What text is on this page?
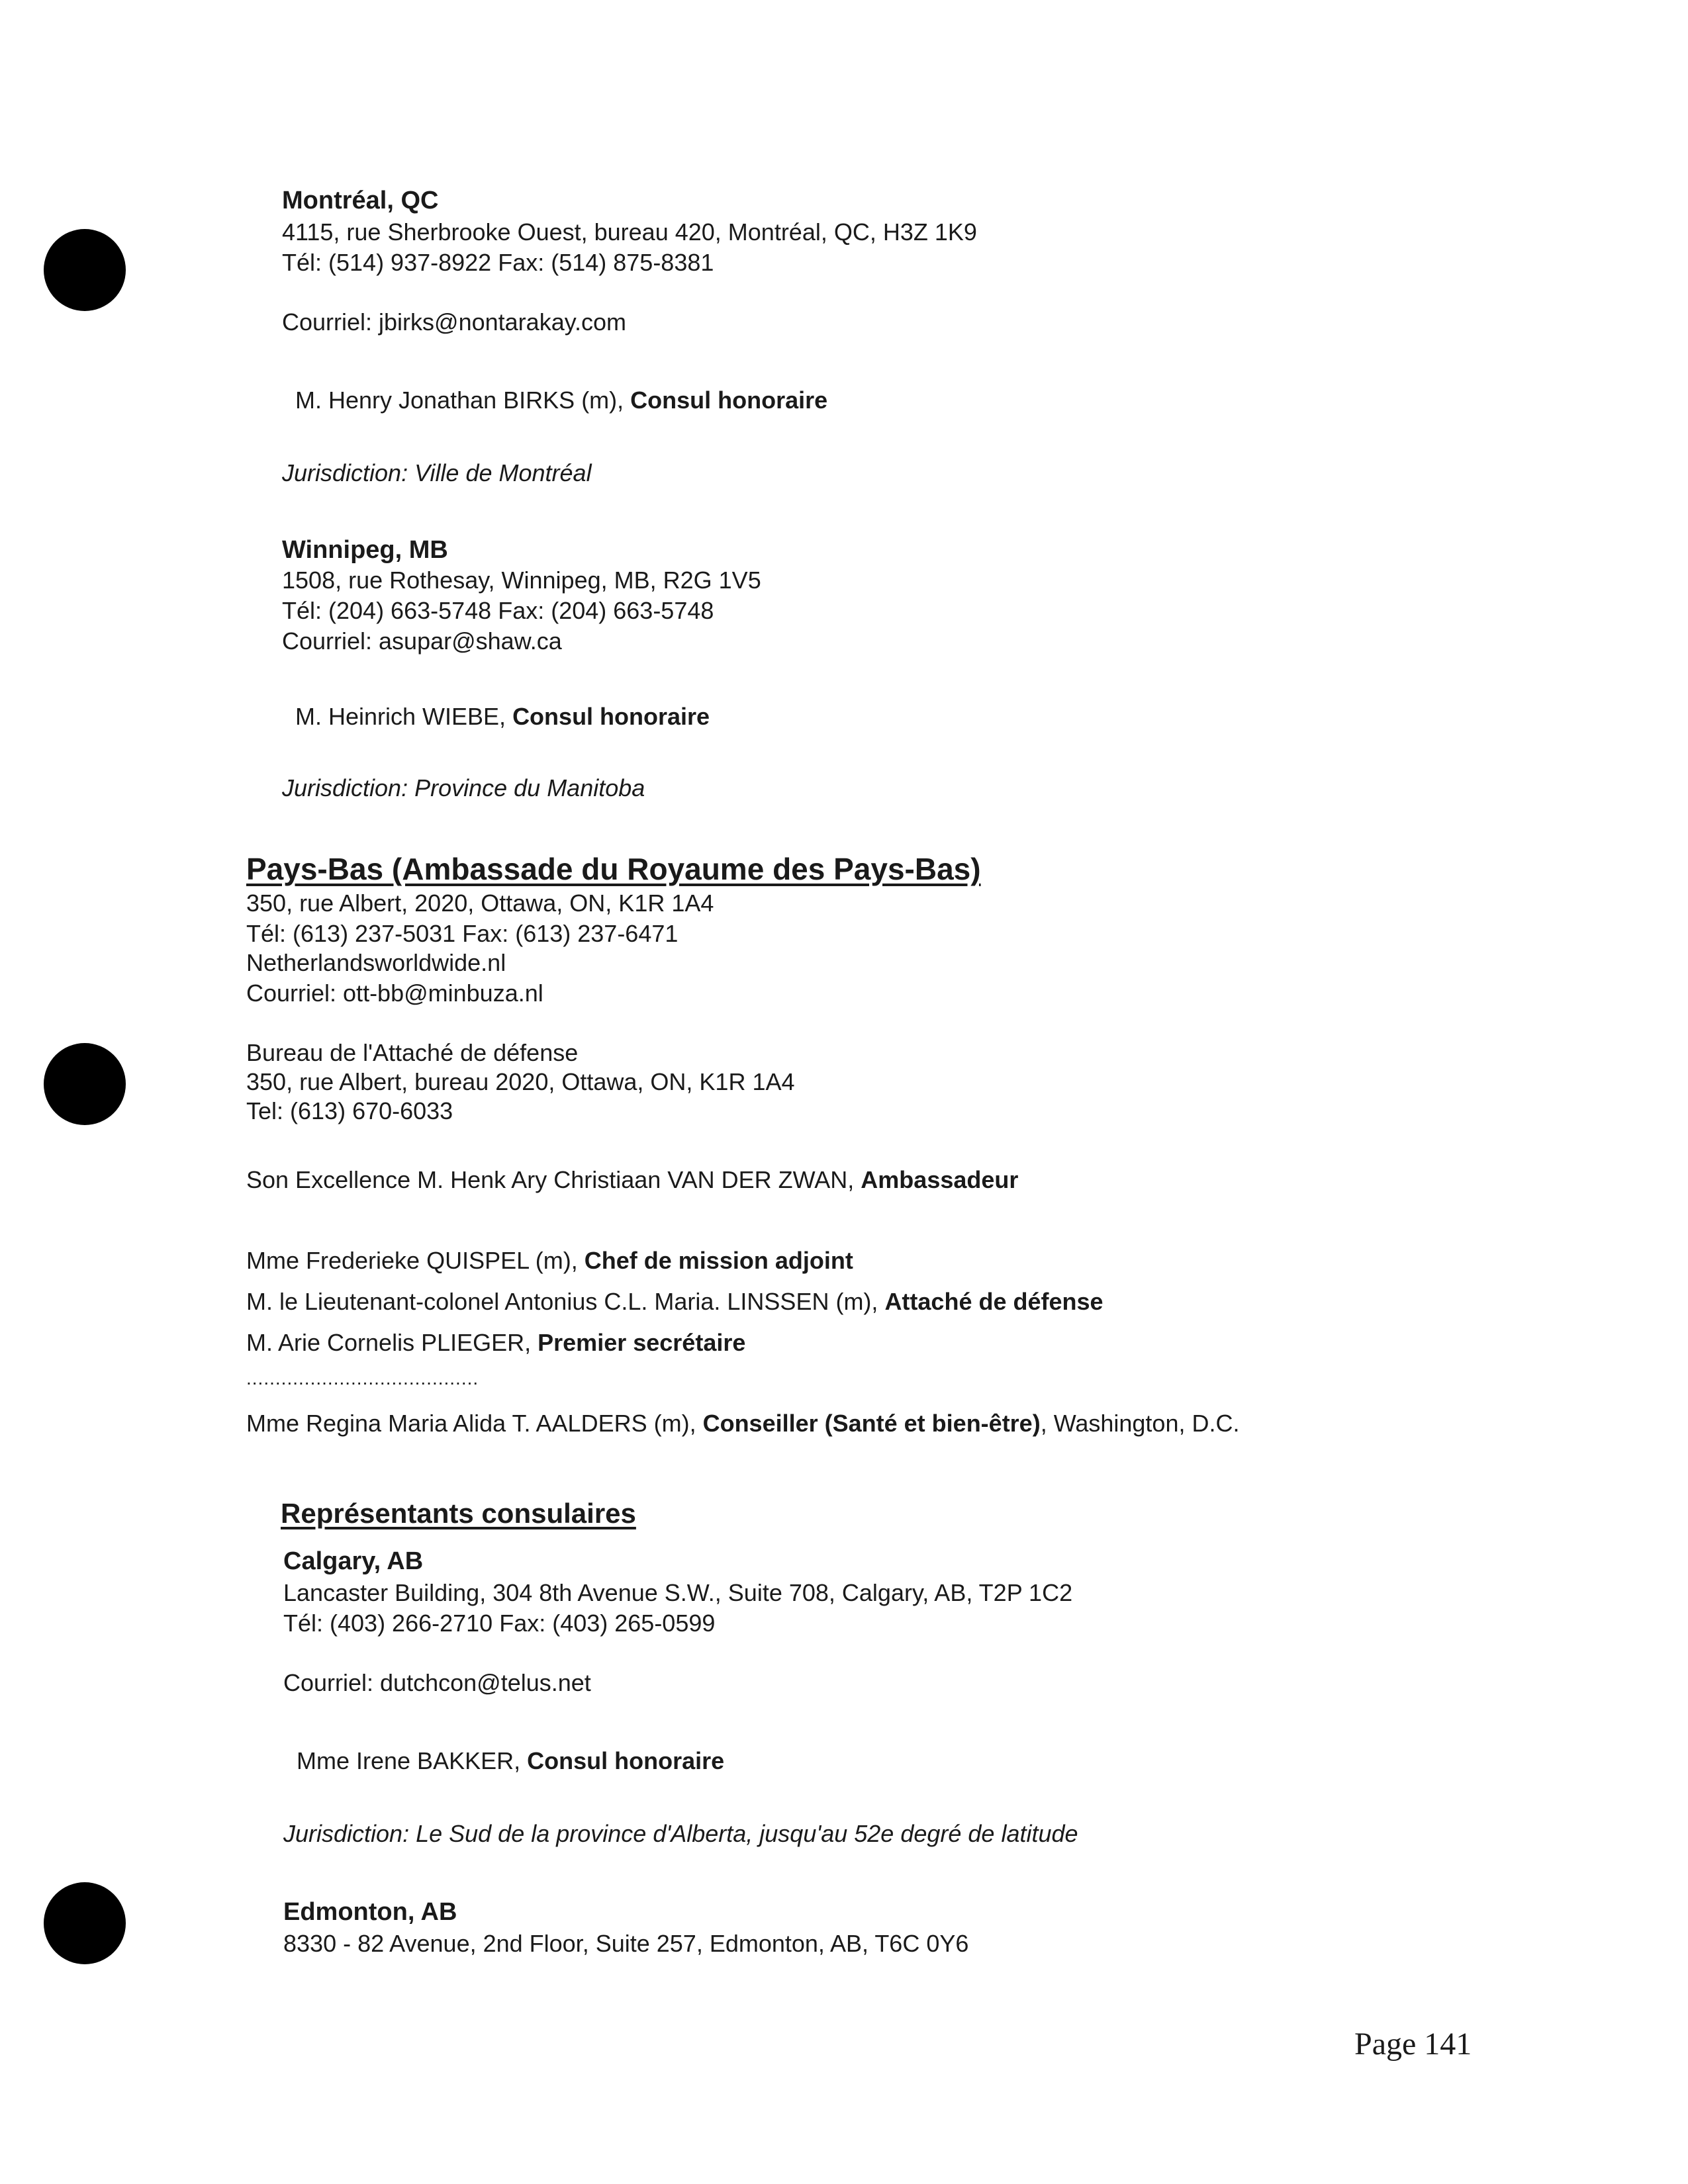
Montréal, QC
4115, rue Sherbrooke Ouest, bureau 420, Montréal, QC, H3Z 1K9
Tél: (514) 937-8922 Fax: (514) 875-8381
Courriel: jbirks@nontarakay.com
M. Henry Jonathan BIRKS (m), Consul honoraire
Jurisdiction: Ville de Montréal
Winnipeg, MB
1508, rue Rothesay, Winnipeg, MB, R2G 1V5
Tél: (204) 663-5748 Fax: (204) 663-5748
Courriel: asupar@shaw.ca
M. Heinrich WIEBE, Consul honoraire
Jurisdiction: Province du Manitoba
Pays-Bas (Ambassade du Royaume des Pays-Bas)
350, rue Albert, 2020, Ottawa, ON, K1R 1A4
Tél: (613) 237-5031 Fax: (613) 237-6471
Netherlandsworldwide.nl
Courriel: ott-bb@minbuza.nl
Bureau de l'Attaché de défense
350, rue Albert, bureau 2020, Ottawa, ON, K1R 1A4
Tel: (613) 670-6033
Son Excellence M. Henk Ary Christiaan VAN DER ZWAN, Ambassadeur
Mme Frederieke QUISPEL (m), Chef de mission adjoint
M. le Lieutenant-colonel Antonius C.L. Maria. LINSSEN (m), Attaché de défense
M. Arie Cornelis PLIEGER, Premier secrétaire
........................................
Mme Regina Maria Alida T. AALDERS (m), Conseiller (Santé et bien-être), Washington, D.C.
Représentants consulaires
Calgary, AB
Lancaster Building, 304 8th Avenue S.W., Suite 708, Calgary, AB, T2P 1C2
Tél: (403) 266-2710 Fax: (403) 265-0599
Courriel: dutchcon@telus.net
Mme Irene BAKKER, Consul honoraire
Jurisdiction: Le Sud de la province d'Alberta, jusqu'au 52e degré de latitude
Edmonton, AB
8330 - 82 Avenue, 2nd Floor, Suite 257, Edmonton, AB, T6C 0Y6
Page 141
